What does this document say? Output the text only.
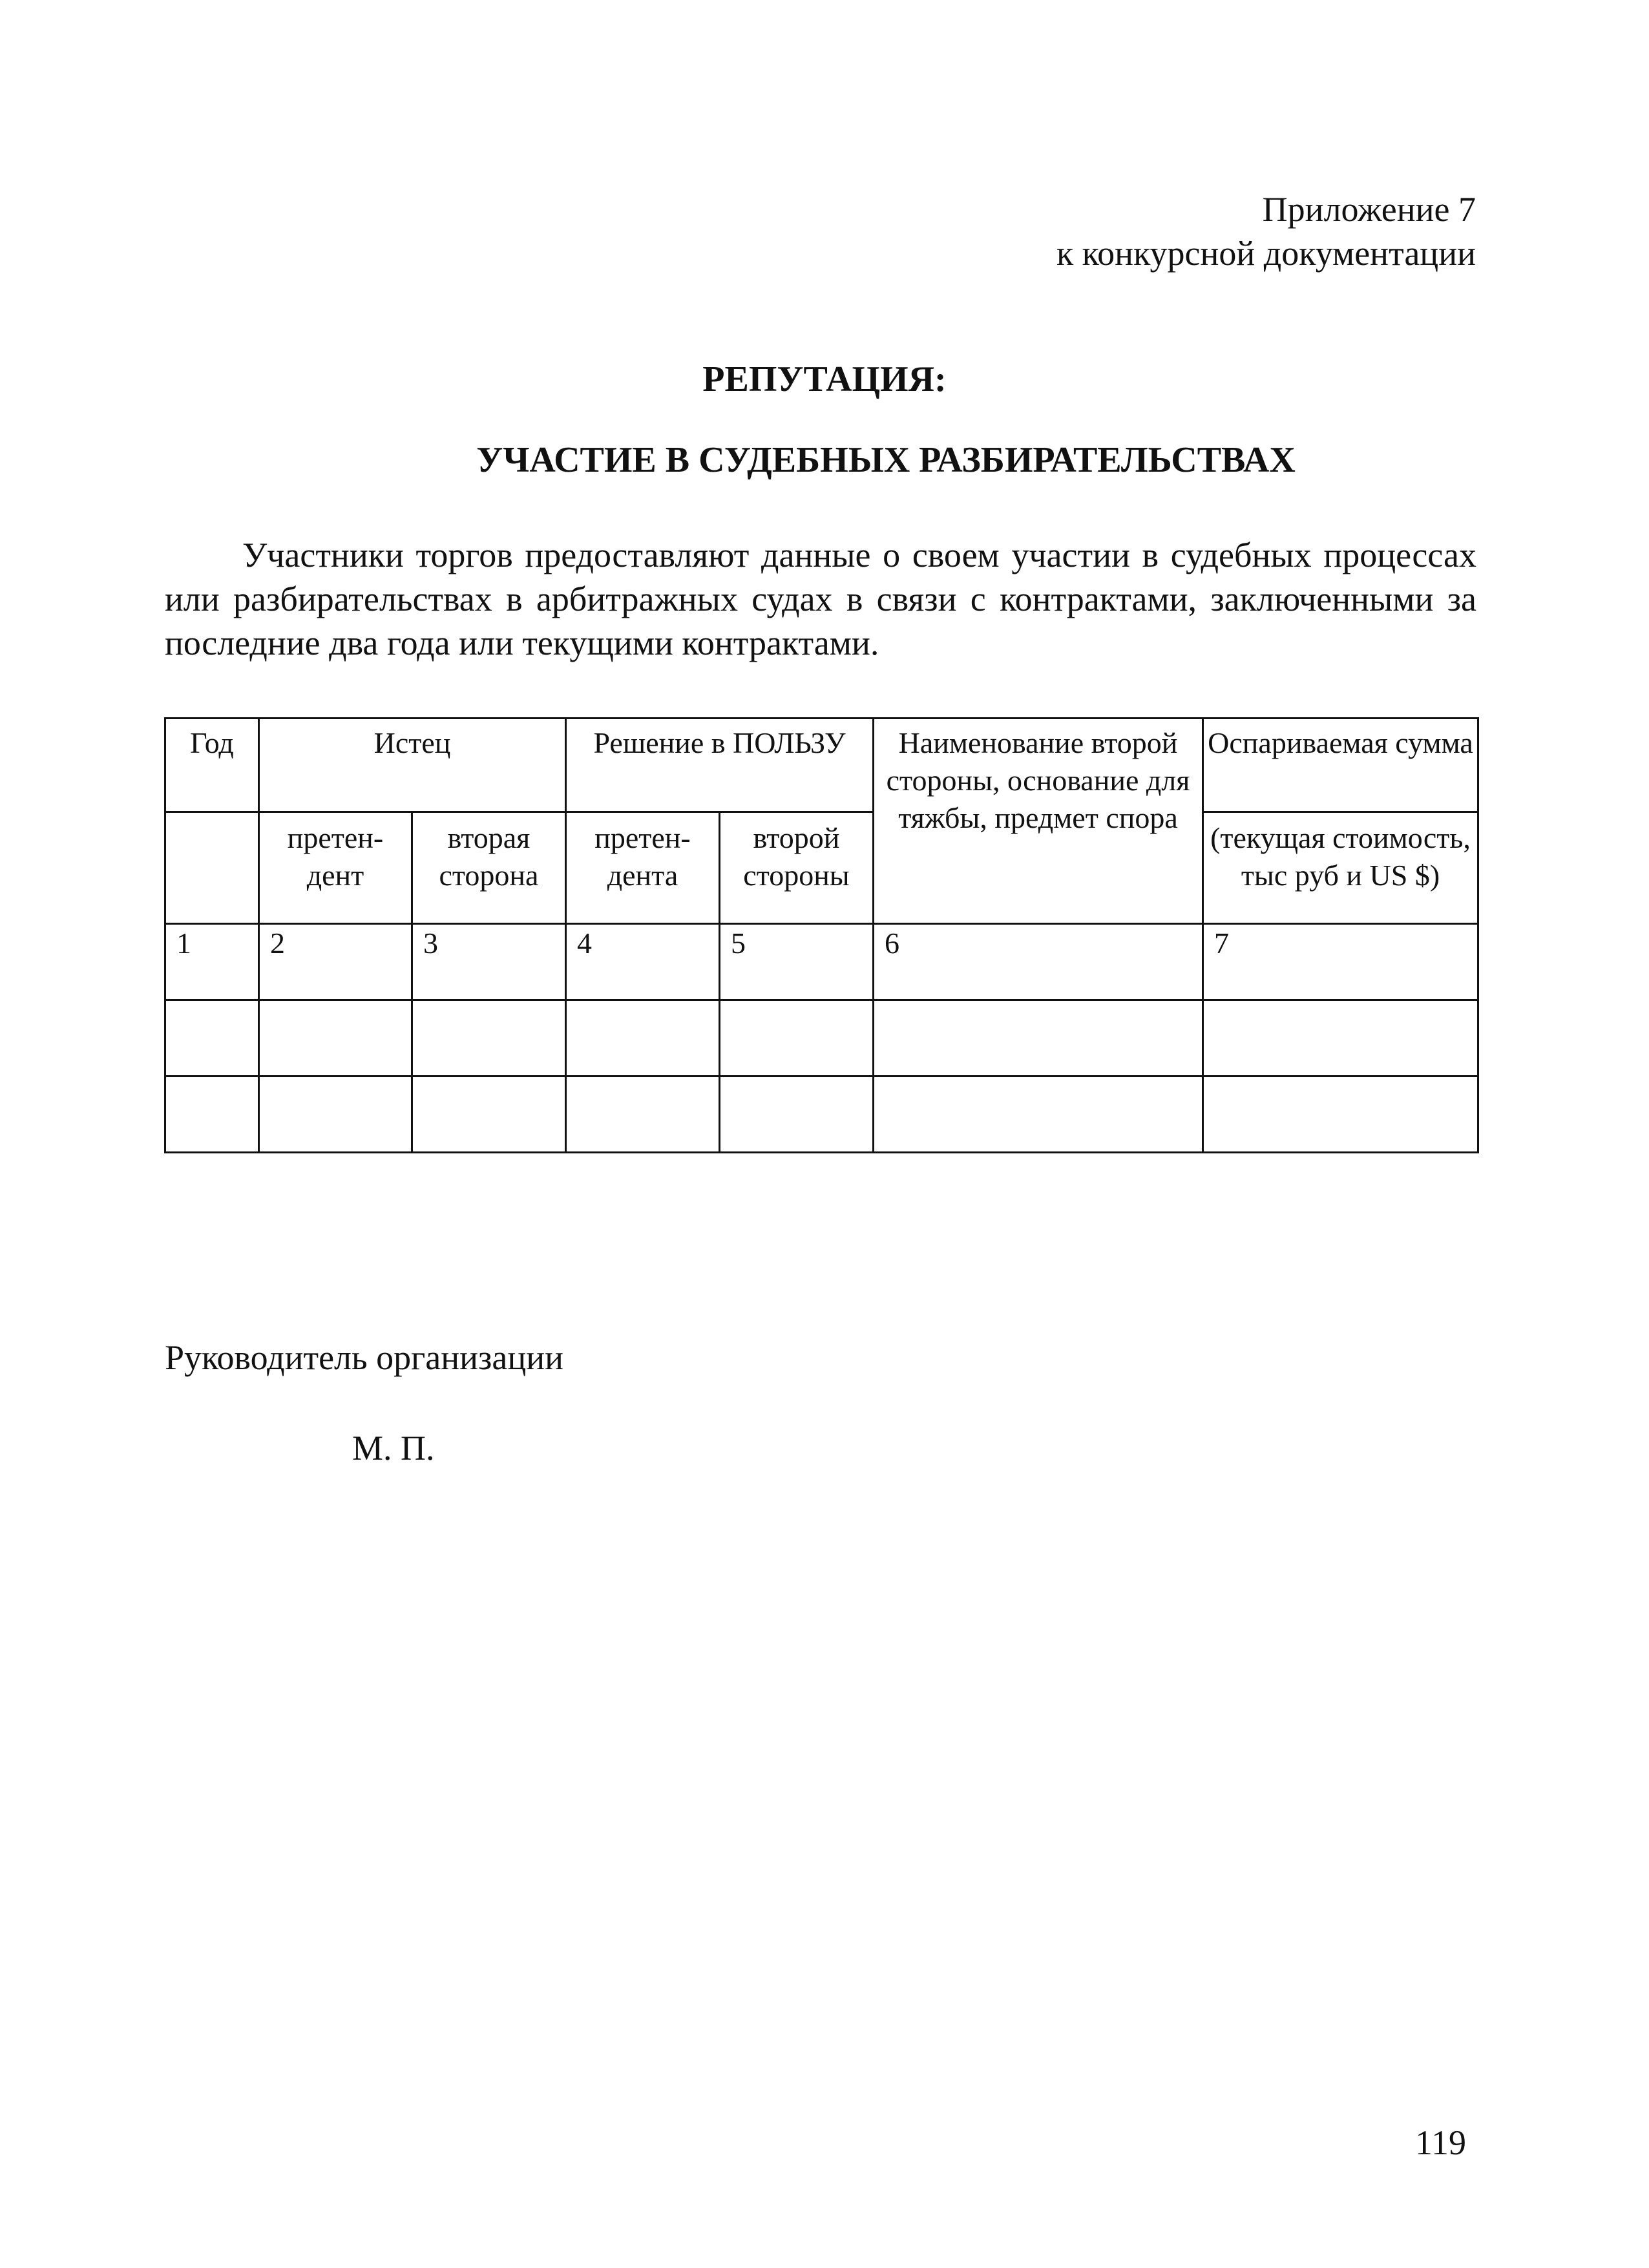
Приложение 7
к конкурсной документации
РЕПУТАЦИЯ:
УЧАСТИЕ В СУДЕБНЫХ РАЗБИРАТЕЛЬСТВАХ
Участники торгов предоставляют данные о своем участии в судебных процессах или разбирательствах в арбитражных судах в связи с контрактами, заключенными за последние два года или текущими контрактами.
Год	Истец		Решение в ПОЛЬЗУ		Наименование второй стороны, основание для тяжбы, предмет спора	Оспариваемая сумма

	претен-дент	вторая сторона	претен-дента	второй стороны		(текущая стоимость, тыс руб и US $)

1	2	3	4	5	6	7

Руководитель организации
М. П.
119
